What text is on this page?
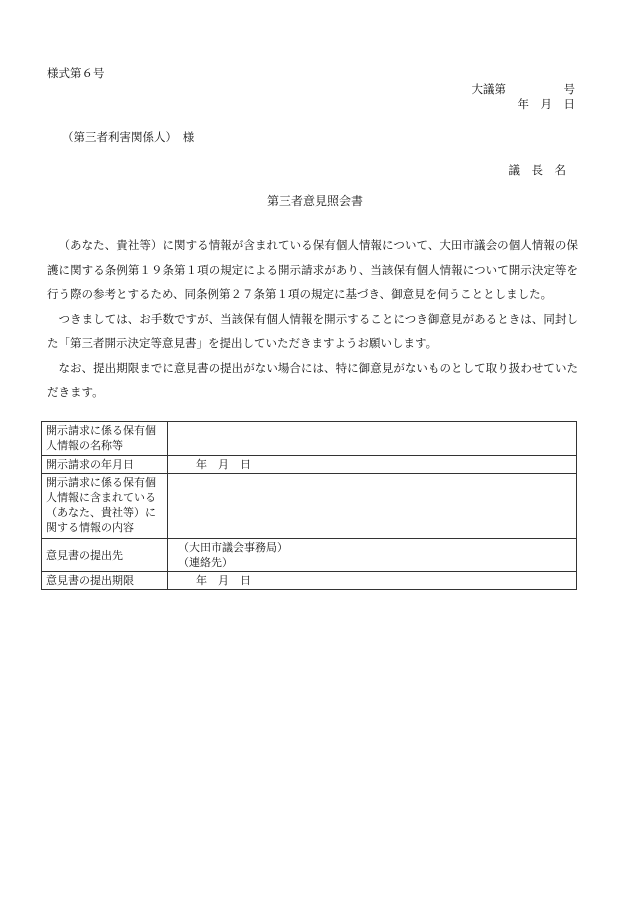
様式第６号
大議第　　　　　号
年　月　日
（第三者利害関係人）　様
議　長　名
第三者意見照会書

（あなた、貴社等）に関する情報が含まれている保有個人情報について、大田市議会の個人情報の保護に関する条例第１９条第１項の規定による開示請求があり、当該保有個人情報について開示決定等を行う際の参考とするため、同条例第２７条第１項の規定に基づき、御意見を伺うこととしました。

つきましては、お手数ですが、当該保有個人情報を開示することにつき御意見があるときは、同封した「第三者開示決定等意見書」を提出していただきますようお願いします。

なお、提出期限までに意見書の提出がない場合には、特に御意見がないものとして取り扱わせていただきます。

開示請求に係る保有個人情報の名称等	
開示請求の年月日	年　月　日
開示請求に係る保有個人情報に含まれている（あなた、貴社等）に関する情報の内容	
意見書の提出先	（大田市議会事務局）
（連絡先）

意見書の提出期限	年　月　日
